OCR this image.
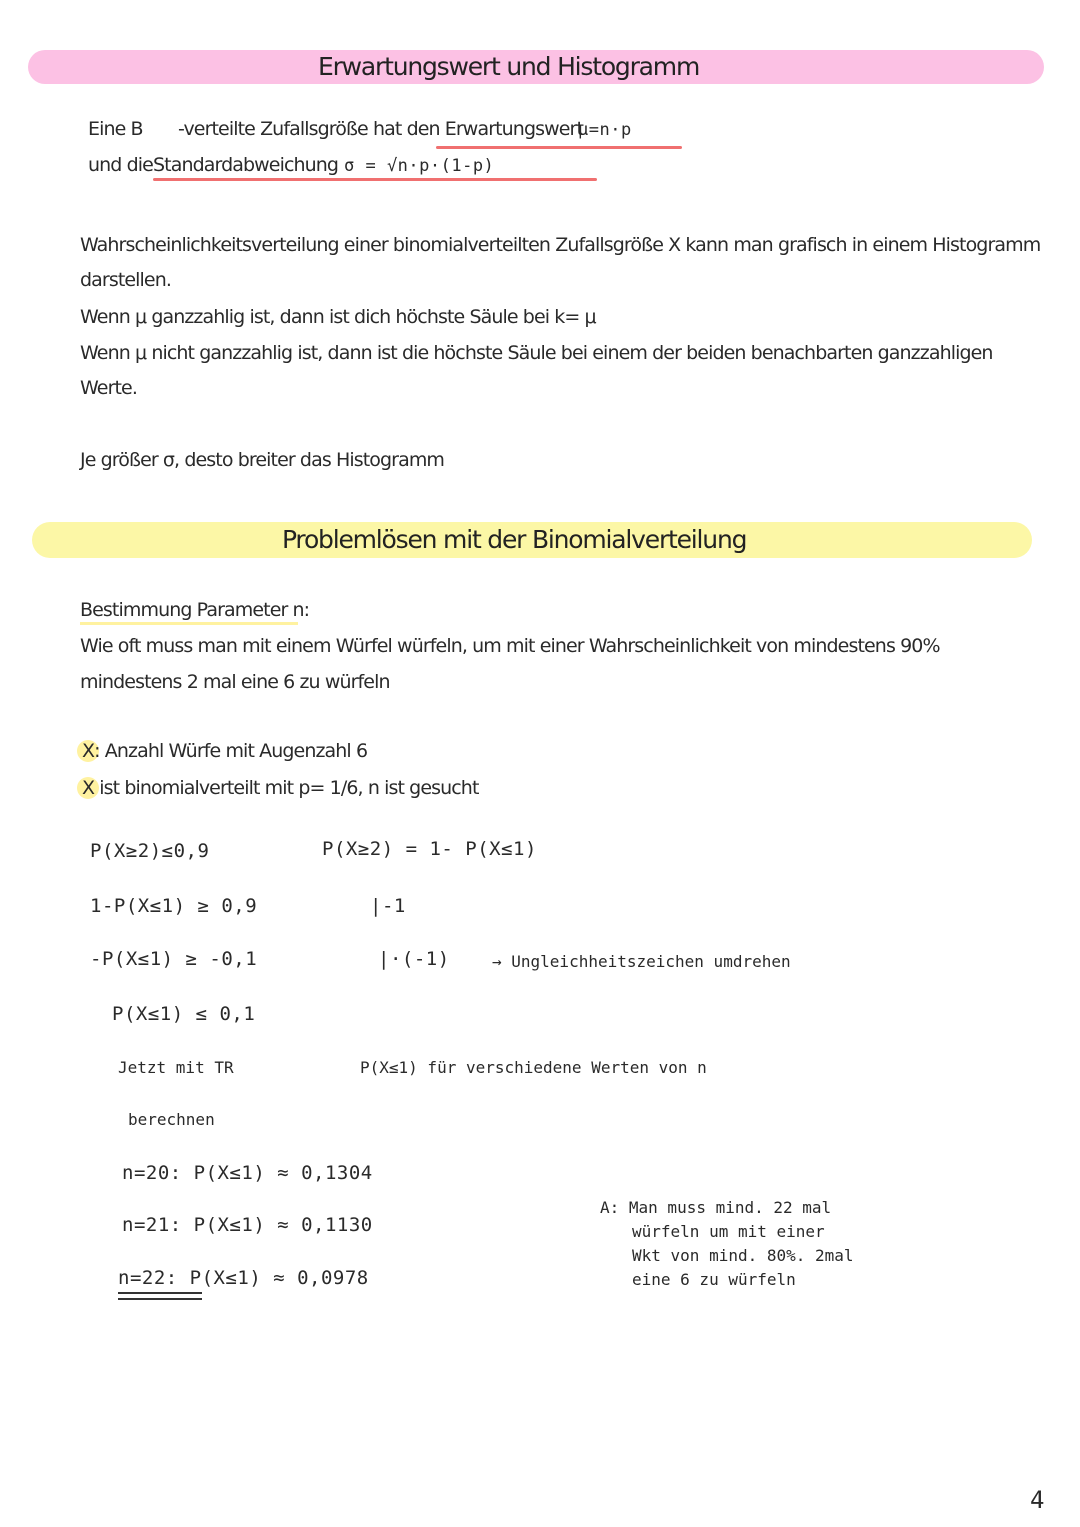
Erwartungswert und Histogramm
Eine B -verteilte Zufallsgröße hat den Erwartungswert
μ=n·p
und die Standardabweichung σ = √n·p·(1-p)
Wahrscheinlichkeitsverteilung einer binomialverteilten Zufallsgröße X kann man grafisch in einem Histogramm
darstellen.
Wenn μ ganzzahlig ist, dann ist dich höchste Säule bei k= μ
Wenn μ nicht ganzzahlig ist, dann ist die höchste Säule bei einem der beiden benachbarten ganzzahligen
Werte.
Je größer σ, desto breiter das Histogramm
Problemlösen mit der Binomialverteilung
Bestimmung Parameter n:
Wie oft muss man mit einem Würfel würfeln, um mit einer Wahrscheinlichkeit von mindestens 90%
mindestens 2 mal eine 6 zu würfeln
X: Anzahl Würfe mit Augenzahl 6
X ist binomialverteilt mit p= 1/6, n ist gesucht
P(X≥2)≤0,9	P(X≥2) = 1- P(X≤1)
1-P(X≤1) ≥ 0,9	|-1
-P(X≤1) ≥ -0,1	|·(-1)	→ Ungleichheitszeichen umdrehen
P(X≤1) ≤ 0,1
Jetzt mit TR	P(X≤1) für verschiedene Werten von n
berechnen
n=20: P(X≤1) ≈ 0,1304
n=21: P(X≤1) ≈ 0,1130
n=22: P(X≤1) ≈ 0,0978
A: Man muss mind. 22 mal
würfeln um mit einer
Wkt von mind. 80%. 2mal
eine 6 zu würfeln
4
